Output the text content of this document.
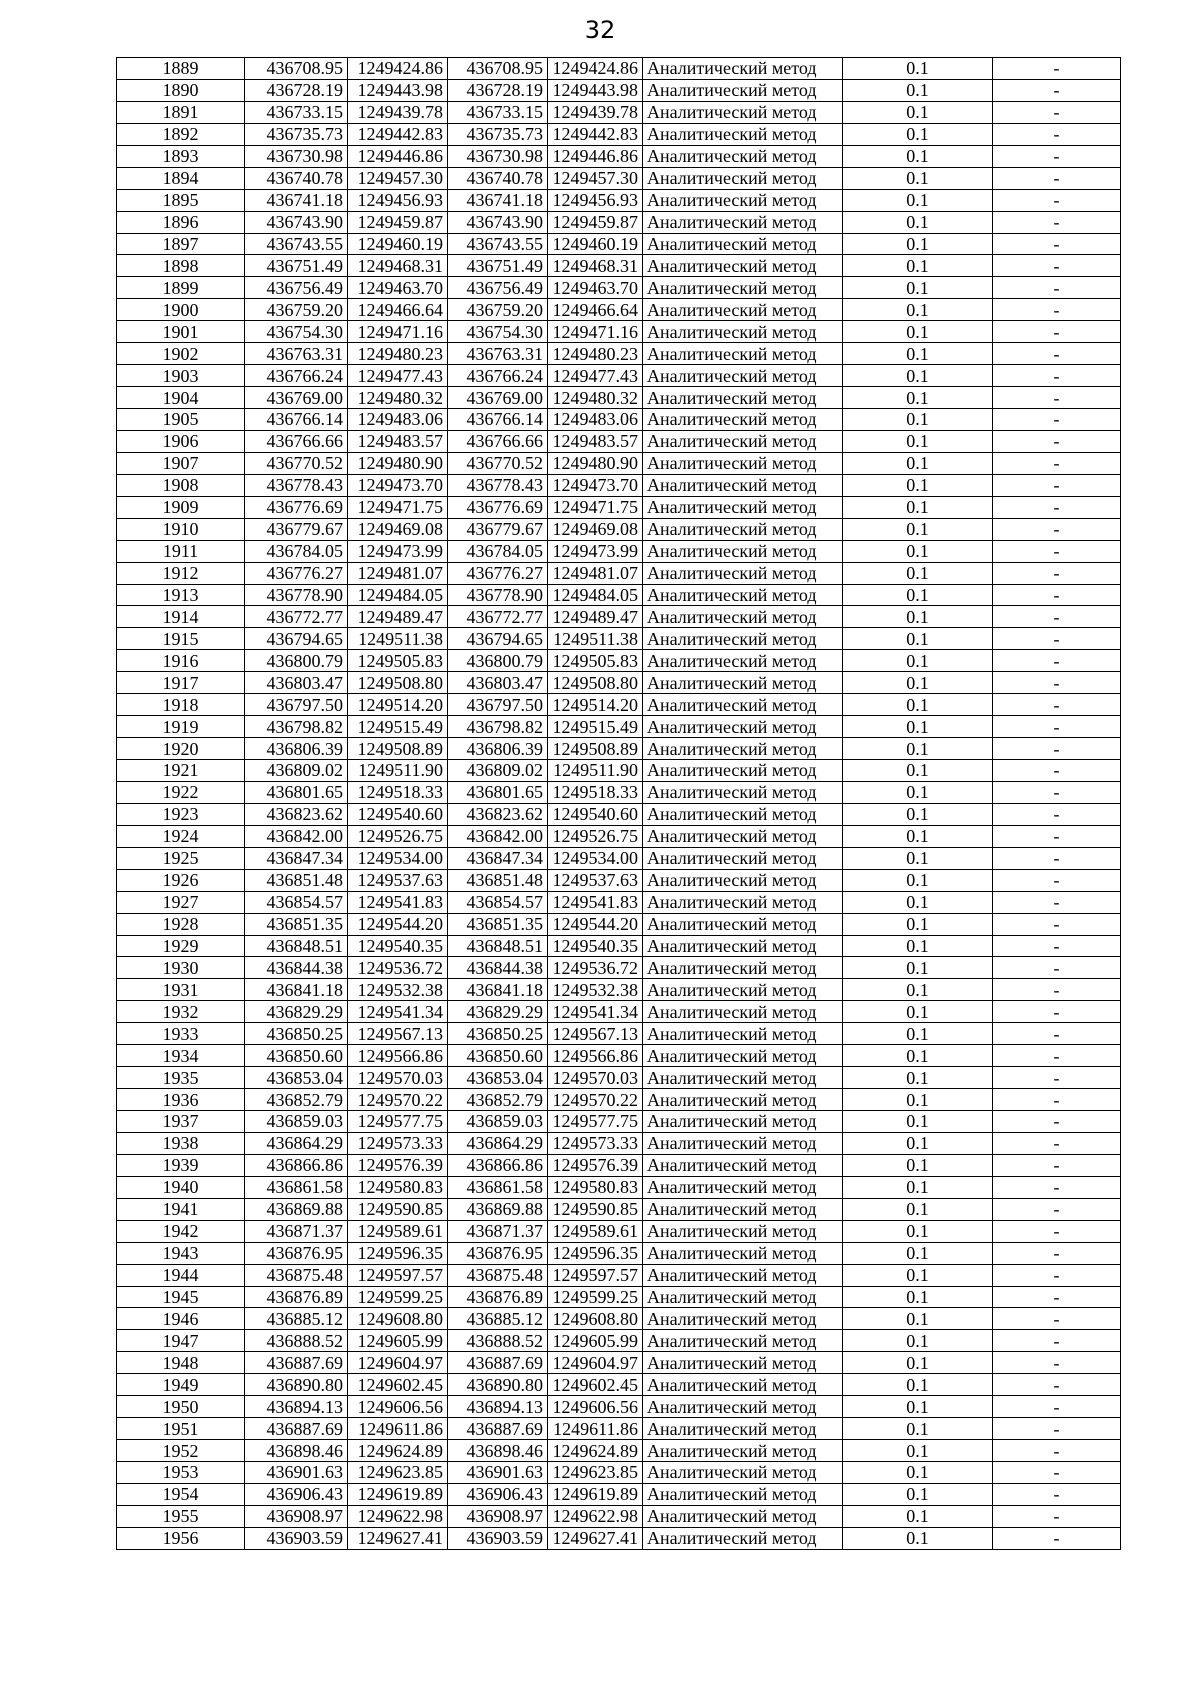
32
1889	436708.95	1249424.86	436708.95	1249424.86	Аналитический метод	0.1	-
1890	436728.19	1249443.98	436728.19	1249443.98	Аналитический метод	0.1	-
1891	436733.15	1249439.78	436733.15	1249439.78	Аналитический метод	0.1	-
1892	436735.73	1249442.83	436735.73	1249442.83	Аналитический метод	0.1	-
1893	436730.98	1249446.86	436730.98	1249446.86	Аналитический метод	0.1	-
1894	436740.78	1249457.30	436740.78	1249457.30	Аналитический метод	0.1	-
1895	436741.18	1249456.93	436741.18	1249456.93	Аналитический метод	0.1	-
1896	436743.90	1249459.87	436743.90	1249459.87	Аналитический метод	0.1	-
1897	436743.55	1249460.19	436743.55	1249460.19	Аналитический метод	0.1	-
1898	436751.49	1249468.31	436751.49	1249468.31	Аналитический метод	0.1	-
1899	436756.49	1249463.70	436756.49	1249463.70	Аналитический метод	0.1	-
1900	436759.20	1249466.64	436759.20	1249466.64	Аналитический метод	0.1	-
1901	436754.30	1249471.16	436754.30	1249471.16	Аналитический метод	0.1	-
1902	436763.31	1249480.23	436763.31	1249480.23	Аналитический метод	0.1	-
1903	436766.24	1249477.43	436766.24	1249477.43	Аналитический метод	0.1	-
1904	436769.00	1249480.32	436769.00	1249480.32	Аналитический метод	0.1	-
1905	436766.14	1249483.06	436766.14	1249483.06	Аналитический метод	0.1	-
1906	436766.66	1249483.57	436766.66	1249483.57	Аналитический метод	0.1	-
1907	436770.52	1249480.90	436770.52	1249480.90	Аналитический метод	0.1	-
1908	436778.43	1249473.70	436778.43	1249473.70	Аналитический метод	0.1	-
1909	436776.69	1249471.75	436776.69	1249471.75	Аналитический метод	0.1	-
1910	436779.67	1249469.08	436779.67	1249469.08	Аналитический метод	0.1	-
1911	436784.05	1249473.99	436784.05	1249473.99	Аналитический метод	0.1	-
1912	436776.27	1249481.07	436776.27	1249481.07	Аналитический метод	0.1	-
1913	436778.90	1249484.05	436778.90	1249484.05	Аналитический метод	0.1	-
1914	436772.77	1249489.47	436772.77	1249489.47	Аналитический метод	0.1	-
1915	436794.65	1249511.38	436794.65	1249511.38	Аналитический метод	0.1	-
1916	436800.79	1249505.83	436800.79	1249505.83	Аналитический метод	0.1	-
1917	436803.47	1249508.80	436803.47	1249508.80	Аналитический метод	0.1	-
1918	436797.50	1249514.20	436797.50	1249514.20	Аналитический метод	0.1	-
1919	436798.82	1249515.49	436798.82	1249515.49	Аналитический метод	0.1	-
1920	436806.39	1249508.89	436806.39	1249508.89	Аналитический метод	0.1	-
1921	436809.02	1249511.90	436809.02	1249511.90	Аналитический метод	0.1	-
1922	436801.65	1249518.33	436801.65	1249518.33	Аналитический метод	0.1	-
1923	436823.62	1249540.60	436823.62	1249540.60	Аналитический метод	0.1	-
1924	436842.00	1249526.75	436842.00	1249526.75	Аналитический метод	0.1	-
1925	436847.34	1249534.00	436847.34	1249534.00	Аналитический метод	0.1	-
1926	436851.48	1249537.63	436851.48	1249537.63	Аналитический метод	0.1	-
1927	436854.57	1249541.83	436854.57	1249541.83	Аналитический метод	0.1	-
1928	436851.35	1249544.20	436851.35	1249544.20	Аналитический метод	0.1	-
1929	436848.51	1249540.35	436848.51	1249540.35	Аналитический метод	0.1	-
1930	436844.38	1249536.72	436844.38	1249536.72	Аналитический метод	0.1	-
1931	436841.18	1249532.38	436841.18	1249532.38	Аналитический метод	0.1	-
1932	436829.29	1249541.34	436829.29	1249541.34	Аналитический метод	0.1	-
1933	436850.25	1249567.13	436850.25	1249567.13	Аналитический метод	0.1	-
1934	436850.60	1249566.86	436850.60	1249566.86	Аналитический метод	0.1	-
1935	436853.04	1249570.03	436853.04	1249570.03	Аналитический метод	0.1	-
1936	436852.79	1249570.22	436852.79	1249570.22	Аналитический метод	0.1	-
1937	436859.03	1249577.75	436859.03	1249577.75	Аналитический метод	0.1	-
1938	436864.29	1249573.33	436864.29	1249573.33	Аналитический метод	0.1	-
1939	436866.86	1249576.39	436866.86	1249576.39	Аналитический метод	0.1	-
1940	436861.58	1249580.83	436861.58	1249580.83	Аналитический метод	0.1	-
1941	436869.88	1249590.85	436869.88	1249590.85	Аналитический метод	0.1	-
1942	436871.37	1249589.61	436871.37	1249589.61	Аналитический метод	0.1	-
1943	436876.95	1249596.35	436876.95	1249596.35	Аналитический метод	0.1	-
1944	436875.48	1249597.57	436875.48	1249597.57	Аналитический метод	0.1	-
1945	436876.89	1249599.25	436876.89	1249599.25	Аналитический метод	0.1	-
1946	436885.12	1249608.80	436885.12	1249608.80	Аналитический метод	0.1	-
1947	436888.52	1249605.99	436888.52	1249605.99	Аналитический метод	0.1	-
1948	436887.69	1249604.97	436887.69	1249604.97	Аналитический метод	0.1	-
1949	436890.80	1249602.45	436890.80	1249602.45	Аналитический метод	0.1	-
1950	436894.13	1249606.56	436894.13	1249606.56	Аналитический метод	0.1	-
1951	436887.69	1249611.86	436887.69	1249611.86	Аналитический метод	0.1	-
1952	436898.46	1249624.89	436898.46	1249624.89	Аналитический метод	0.1	-
1953	436901.63	1249623.85	436901.63	1249623.85	Аналитический метод	0.1	-
1954	436906.43	1249619.89	436906.43	1249619.89	Аналитический метод	0.1	-
1955	436908.97	1249622.98	436908.97	1249622.98	Аналитический метод	0.1	-
1956	436903.59	1249627.41	436903.59	1249627.41	Аналитический метод	0.1	-
